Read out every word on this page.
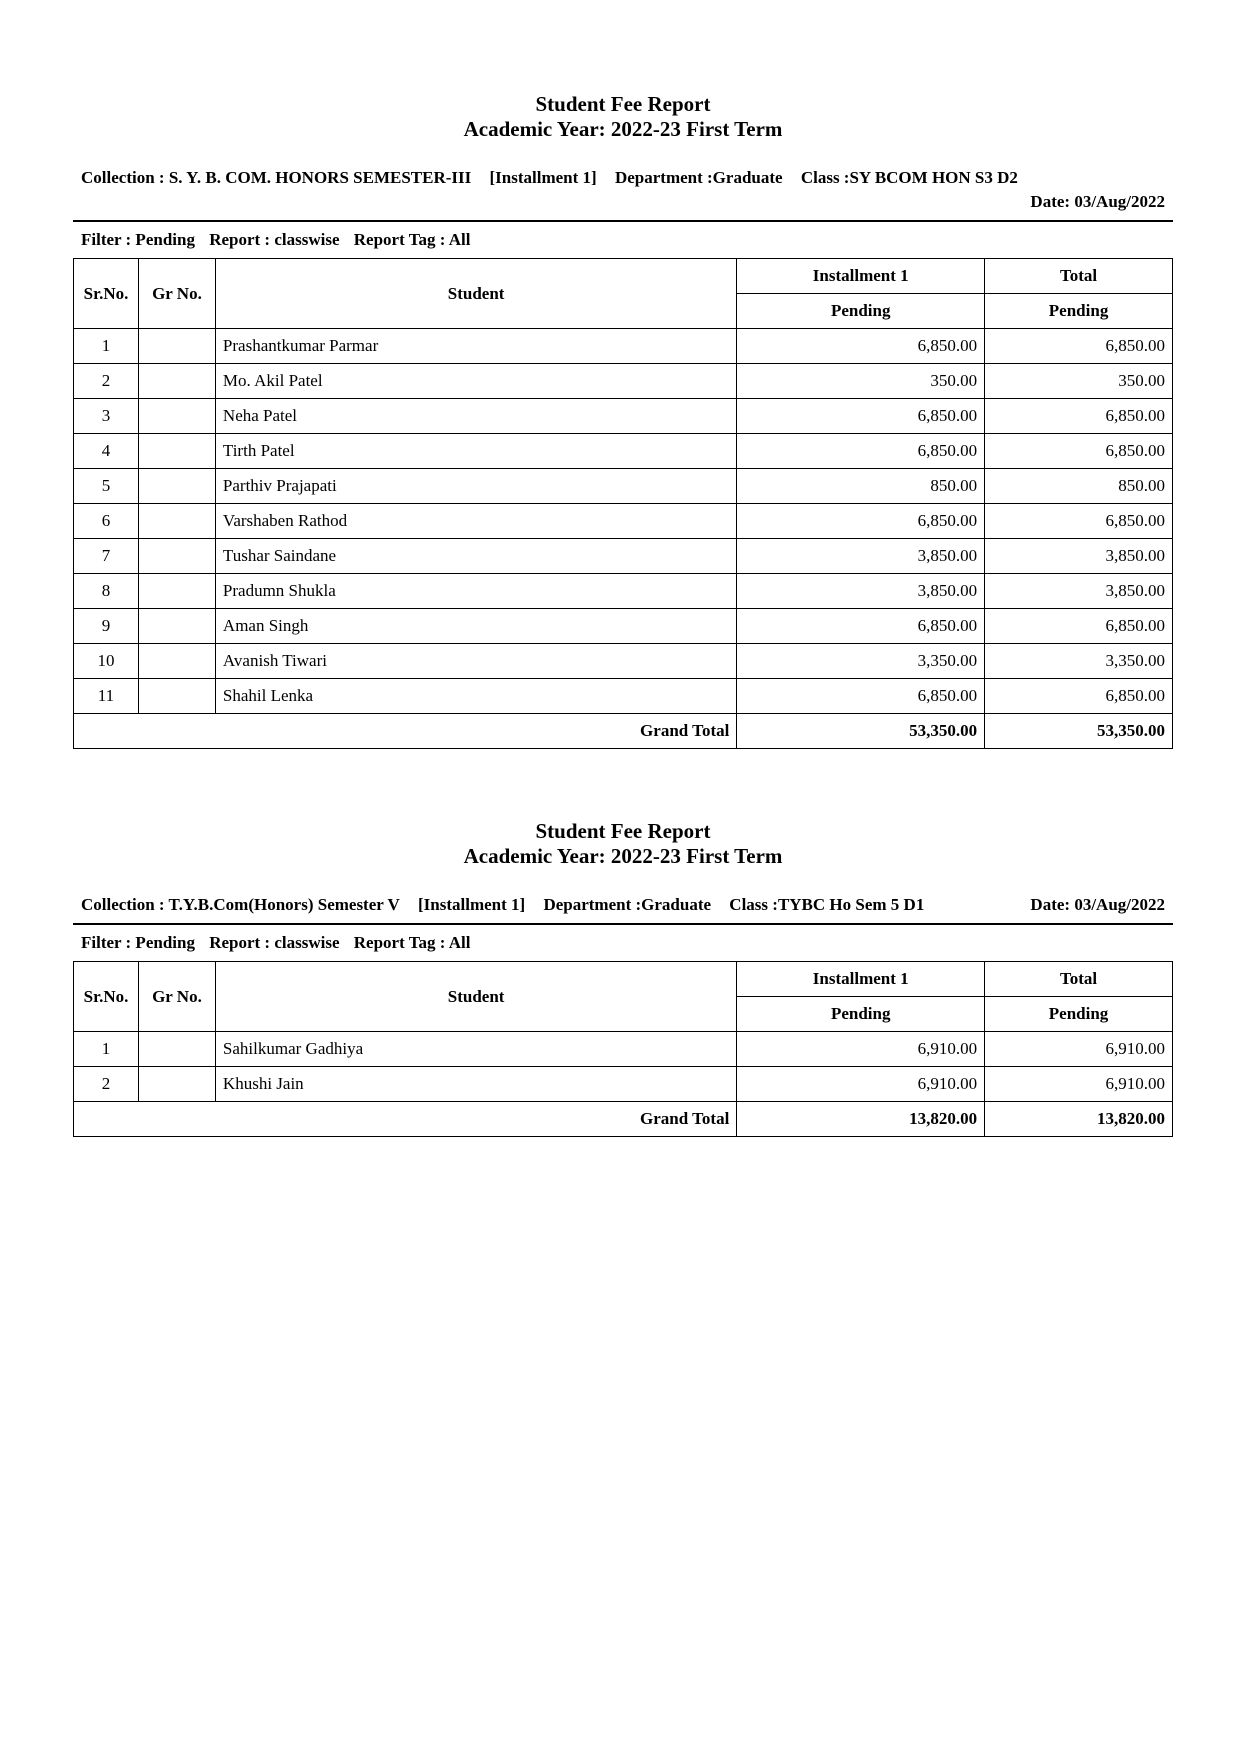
Student Fee Report
Academic Year: 2022-23 First Term
Collection : S. Y. B. COM. HONORS SEMESTER-III [Installment 1] Department :Graduate Class :SY BCOM HON S3 D2
Date: 03/Aug/2022
Filter : Pending Report : classwise Report Tag : All
Sr.No.	Gr No.	Student	Installment 1	Total
			Pending	Pending
1		Prashantkumar Parmar	6,850.00	6,850.00
2		Mo. Akil Patel	350.00	350.00
3		Neha Patel	6,850.00	6,850.00
4		Tirth Patel	6,850.00	6,850.00
5		Parthiv Prajapati	850.00	850.00
6		Varshaben Rathod	6,850.00	6,850.00
7		Tushar Saindane	3,850.00	3,850.00
8		Pradumn Shukla	3,850.00	3,850.00
9		Aman Singh	6,850.00	6,850.00
10		Avanish Tiwari	3,350.00	3,350.00
11		Shahil Lenka	6,850.00	6,850.00
Grand Total			53,350.00	53,350.00
Student Fee Report
Academic Year: 2022-23 First Term
Collection : T.Y.B.Com(Honors) Semester V [Installment 1] Department :Graduate Class :TYBC Ho Sem 5 D1	Date: 03/Aug/2022
Filter : Pending Report : classwise Report Tag : All
Sr.No.	Gr No.	Student	Installment 1	Total
			Pending	Pending
1		Sahilkumar Gadhiya	6,910.00	6,910.00
2		Khushi Jain	6,910.00	6,910.00
Grand Total			13,820.00	13,820.00
